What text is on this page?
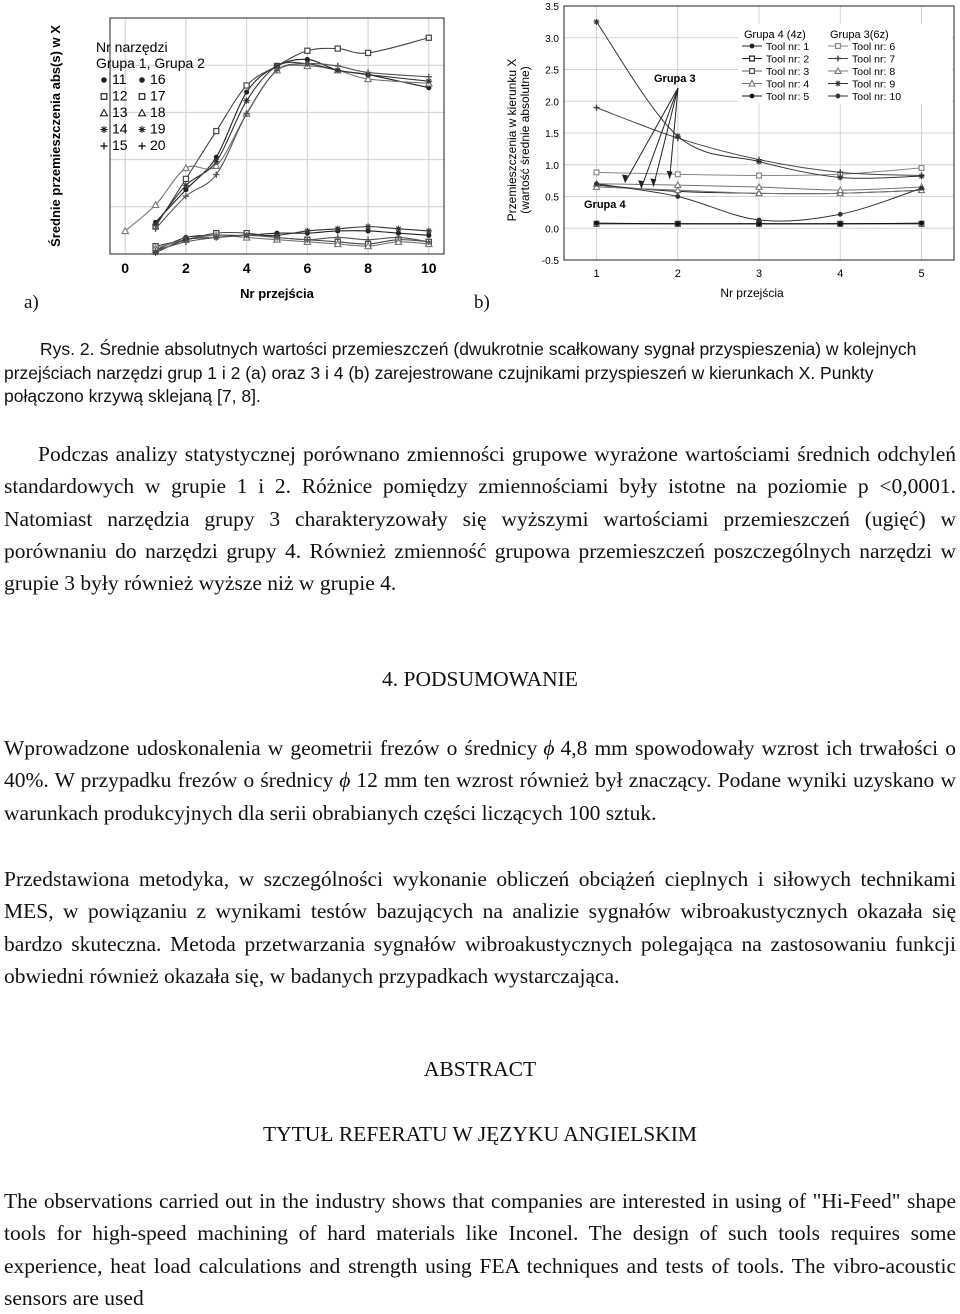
0	2	4	6	8	10
Średnie przemieszczenia abs(s) w X
Nr przejścia
Nr narzędzi
Grupa 1, Grupa 2
11 16
12 17
13 18
14 19
15 20
1	2	3	4	5
3.5
3.0
2.5
2.0
1.5
1.0
0.5
0.0
-0.5
Przemieszczenia w kierunku X (wartość średnie absolutne)
Nr przejścia
Grupa 3
Grupa 4
Grupa 4 (4z) Grupa 3(6z)
Tool nr: 1
Tool nr: 2
Tool nr: 3
Tool nr: 4
Tool nr: 5
Tool nr: 6
Tool nr: 7
Tool nr: 8
Tool nr: 9
Tool nr: 10
a)	b)

Rys. 2. Średnie absolutnych wartości przemieszczeń (dwukrotnie scałkowany sygnał przyspieszenia) w kolejnych przejściach narzędzi grup 1 i 2 (a) oraz 3 i 4 (b) zarejestrowane czujnikami przyspieszeń w kierunkach X. Punkty połączono krzywą sklejaną [7, 8].

Podczas analizy statystycznej porównano zmienności grupowe wyrażone wartościami średnich odchyleń standardowych w grupie 1 i 2. Różnice pomiędzy zmiennościami były istotne na poziomie p <0,0001. Natomiast narzędzia grupy 3 charakteryzowały się wyższymi wartościami przemieszczeń (ugięć) w porównaniu do narzędzi grupy 4. Również zmienność grupowa przemieszczeń poszczególnych narzędzi w grupie 3 były również wyższe niż w grupie 4.

4. PODSUMOWANIE

Wprowadzone udoskonalenia w geometrii frezów o średnicy ϕ 4,8 mm spowodowały wzrost ich trwałości o 40%. W przypadku frezów o średnicy ϕ 12 mm ten wzrost również był znaczący. Podane wyniki uzyskano w warunkach produkcyjnych dla serii obrabianych części liczących 100 sztuk.

Przedstawiona metodyka, w szczególności wykonanie obliczeń obciążeń cieplnych i siłowych technikami MES, w powiązaniu z wynikami testów bazujących na analizie sygnałów wibroakustycznych okazała się bardzo skuteczna. Metoda przetwarzania sygnałów wibroakustycznych polegająca na zastosowaniu funkcji obwiedni również okazała się, w badanych przypadkach wystarczająca.

ABSTRACT
TYTUŁ REFERATU W JĘZYKU ANGIELSKIM

The observations carried out in the industry shows that companies are interested in using of "Hi-Feed" shape tools for high-speed machining of hard materials like Inconel. The design of such tools requires some experience, heat load calculations and strength using FEA techniques and tests of tools. The vibro-acoustic sensors are used
